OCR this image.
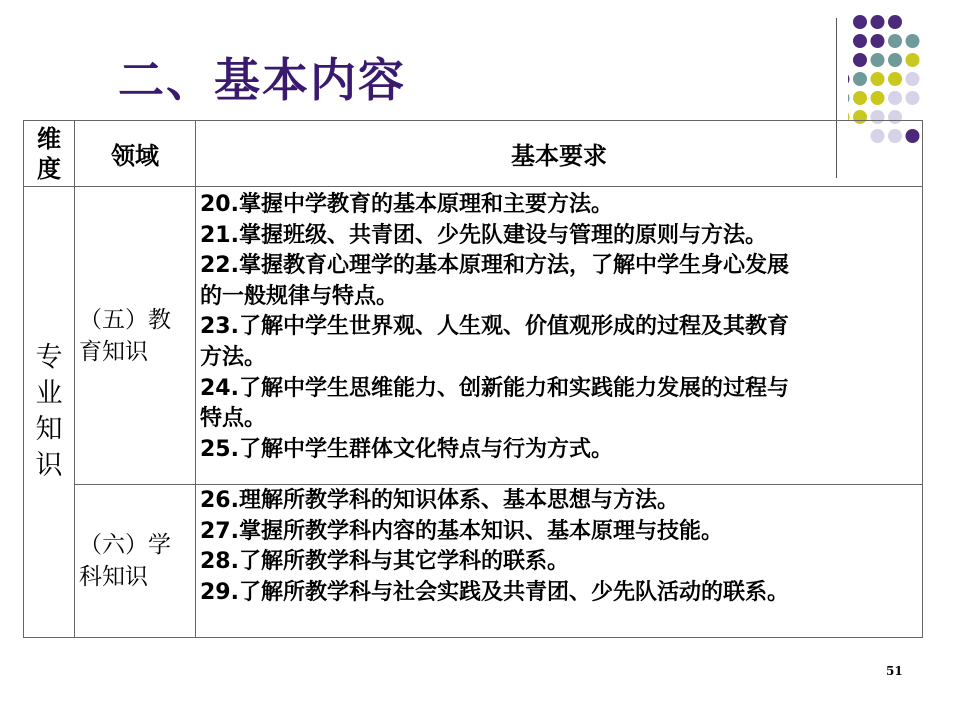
二、基本内容
维
度	领域	基本要求
专
业
知
识
（五）教
育知识
20.掌握中学教育的基本原理和主要方法。
21.掌握班级、共青团、少先队建设与管理的原则与方法。
22.掌握教育心理学的基本原理和方法，了解中学生身心发展
的一般规律与特点。
23.了解中学生世界观、人生观、价值观形成的过程及其教育
方法。
24.了解中学生思维能力、创新能力和实践能力发展的过程与
特点。
25.了解中学生群体文化特点与行为方式。
（六）学
科知识
26.理解所教学科的知识体系、基本思想与方法。
27.掌握所教学科内容的基本知识、基本原理与技能。
28.了解所教学科与其它学科的联系。
29.了解所教学科与社会实践及共青团、少先队活动的联系。
51
